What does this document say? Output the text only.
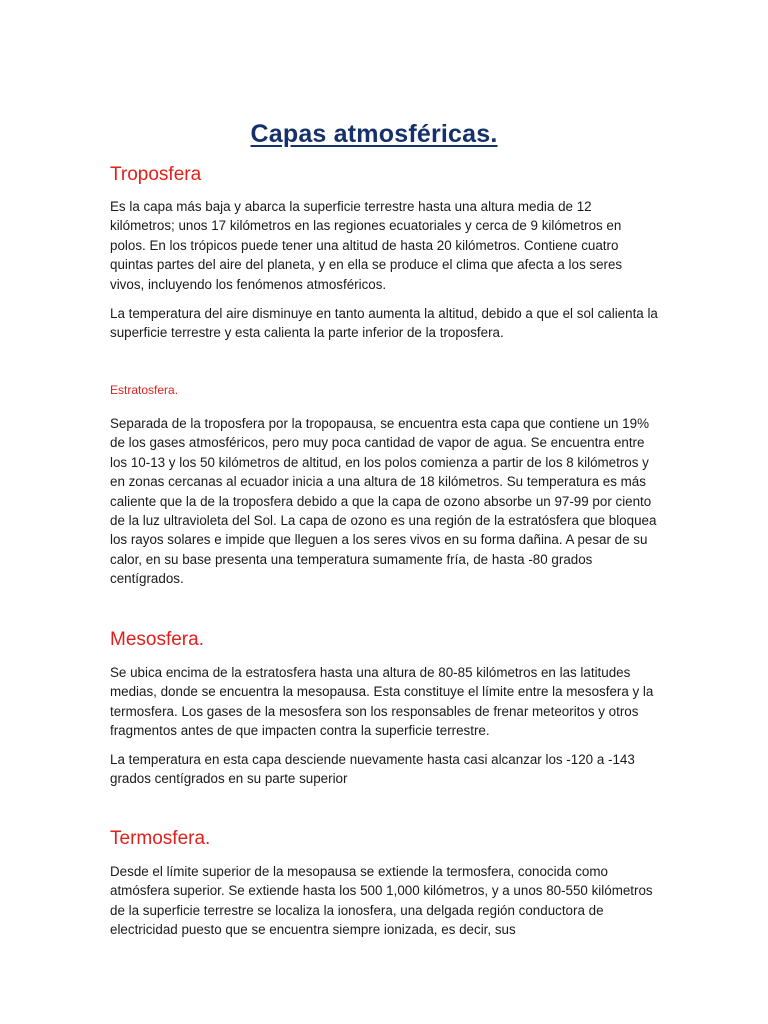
Capas atmosféricas.
Troposfera

Es la capa más baja y abarca la superficie terrestre hasta una altura media de 12 kilómetros; unos 17 kilómetros en las regiones ecuatoriales y cerca de 9 kilómetros en polos. En los trópicos puede tener una altitud de hasta 20 kilómetros. Contiene cuatro quintas partes del aire del planeta, y en ella se produce el clima que afecta a los seres vivos, incluyendo los fenómenos atmosféricos.

La temperatura del aire disminuye en tanto aumenta la altitud, debido a que el sol calienta la superficie terrestre y esta calienta la parte inferior de la troposfera.

Estratosfera.

Separada de la troposfera por la tropopausa, se encuentra esta capa que contiene un 19% de los gases atmosféricos, pero muy poca cantidad de vapor de agua. Se encuentra entre los 10-13 y los 50 kilómetros de altitud, en los polos comienza a partir de los 8 kilómetros y en zonas cercanas al ecuador inicia a una altura de 18 kilómetros. Su temperatura es más caliente que la de la troposfera debido a que la capa de ozono absorbe un 97-99 por ciento de la luz ultravioleta del Sol. La capa de ozono es una región de la estratósfera que bloquea los rayos solares e impide que lleguen a los seres vivos en su forma dañina. A pesar de su calor, en su base presenta una temperatura sumamente fría, de hasta -80 grados centígrados.

Mesosfera.

Se ubica encima de la estratosfera hasta una altura de 80-85 kilómetros en las latitudes medias, donde se encuentra la mesopausa. Esta constituye el límite entre la mesosfera y la termosfera. Los gases de la mesosfera son los responsables de frenar meteoritos y otros fragmentos antes de que impacten contra la superficie terrestre.

La temperatura en esta capa desciende nuevamente hasta casi alcanzar los -120 a -143 grados centígrados en su parte superior

Termosfera.

Desde el límite superior de la mesopausa se extiende la termosfera, conocida como atmósfera superior. Se extiende hasta los 500 1,000 kilómetros, y a unos 80-550 kilómetros de la superficie terrestre se localiza la ionosfera, una delgada región conductora de electricidad puesto que se encuentra siempre ionizada, es decir, sus
